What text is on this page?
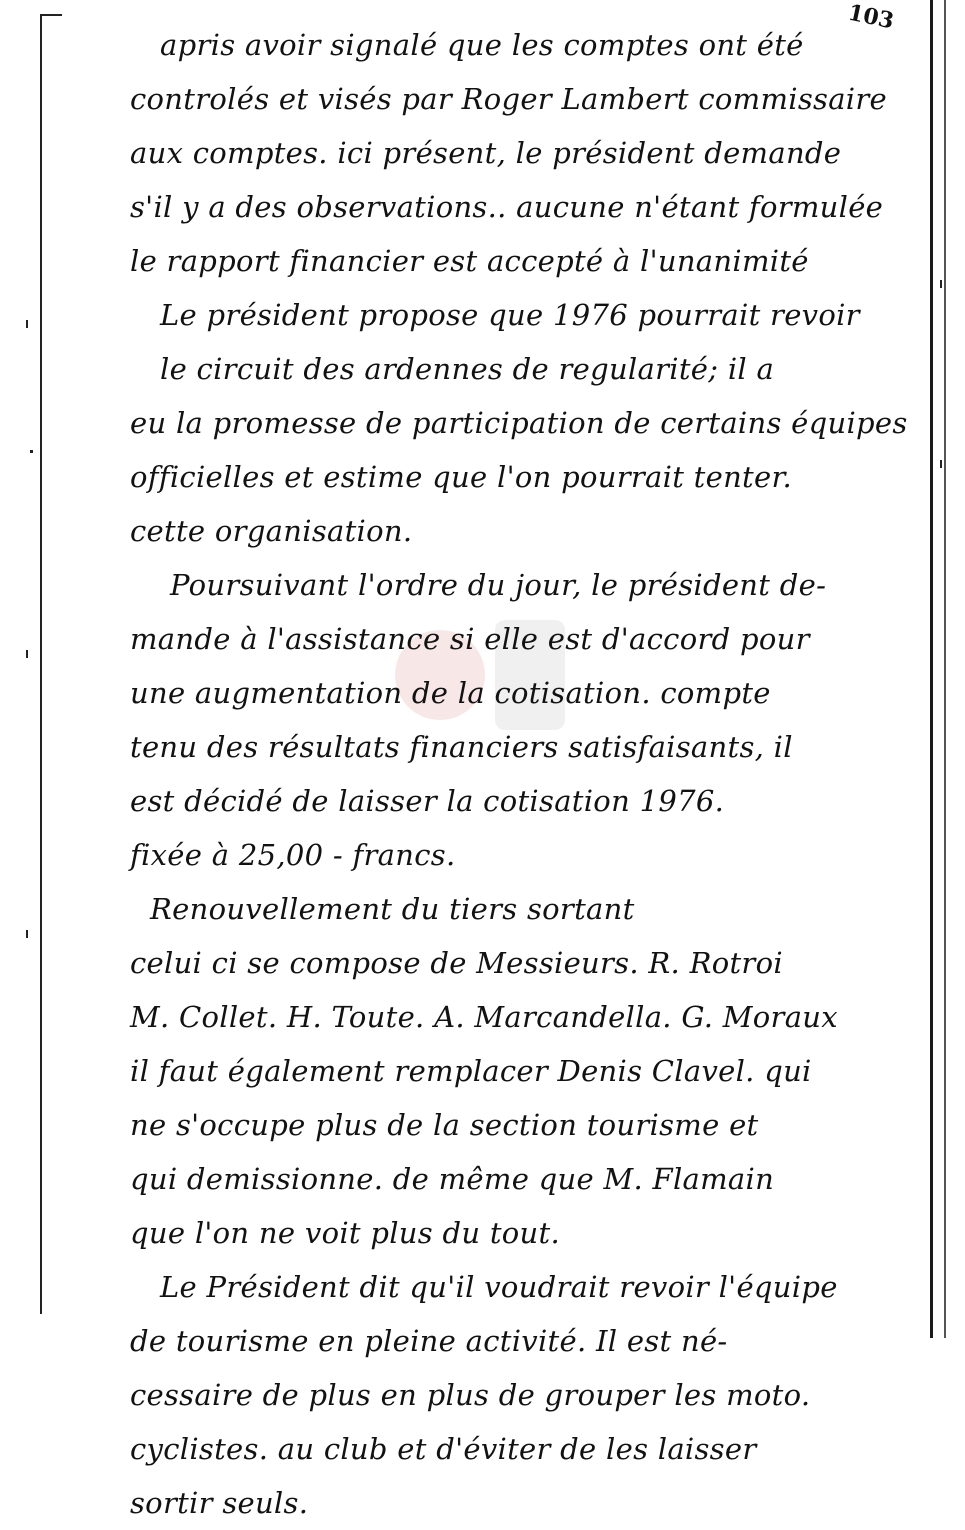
103
apris avoir signalé que les comptes ont été
controlés et visés par Roger Lambert commissaire
aux comptes. ici présent, le président demande
s'il y a des observations.. aucune n'étant formulée
le rapport financier est accepté à l'unanimité
Le président propose que 1976 pourrait revoir
le circuit des ardennes de regularité; il a
eu la promesse de participation de certains équipes
officielles et estime que l'on pourrait tenter.
cette organisation.
Poursuivant l'ordre du jour, le président de-
mande à l'assistance si elle est d'accord pour
une augmentation de la cotisation. compte
tenu des résultats financiers satisfaisants, il
est décidé de laisser la cotisation 1976.
fixée à 25,00 - francs.
Renouvellement du tiers sortant
celui ci se compose de Messieurs. R. Rotroi
M. Collet. H. Toute. A. Marcandella. G. Moraux
il faut également remplacer Denis Clavel. qui
ne s'occupe plus de la section tourisme et
qui demissionne. de même que M. Flamain
que l'on ne voit plus du tout.
Le Président dit qu'il voudrait revoir l'équipe
de tourisme en pleine activité. Il est né-
cessaire de plus en plus de grouper les moto.
cyclistes. au club et d'éviter de les laisser
sortir seuls.
